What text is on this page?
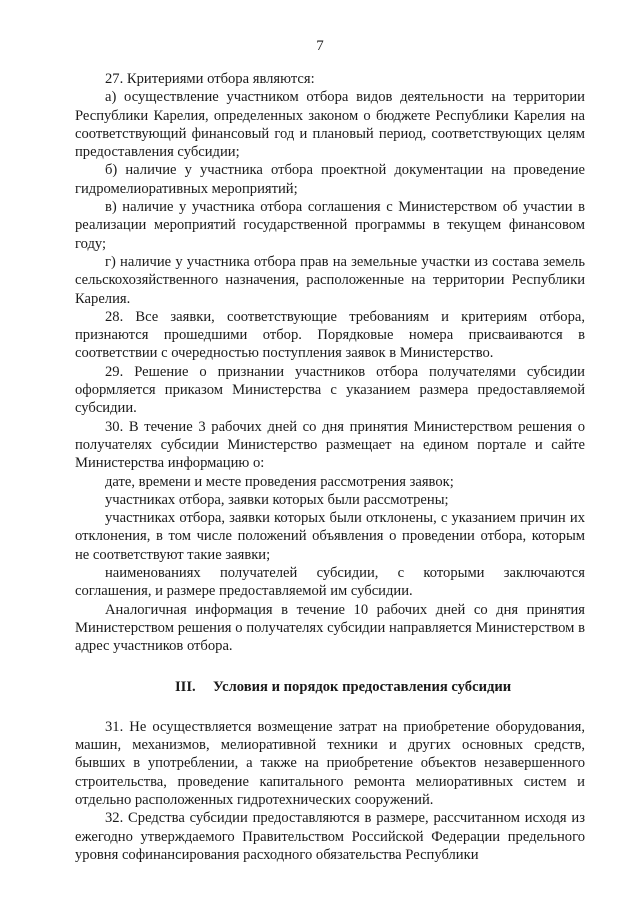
7

27. Критериями отбора являются:

а) осуществление участником отбора видов деятельности на территории Республики Карелия, определенных законом о бюджете Республики Карелия на соответствующий финансовый год и плановый период, соответствующих целям предоставления субсидии;

б) наличие у участника отбора проектной документации на проведение гидромелиоративных мероприятий;

в) наличие у участника отбора соглашения с Министерством об участии в реализации мероприятий государственной программы в текущем финансовом году;

г) наличие у участника отбора прав на земельные участки из состава земель сельскохозяйственного назначения, расположенные на территории Республики Карелия.

28. Все заявки, соответствующие требованиям и критериям отбора, признаются прошедшими отбор. Порядковые номера присваиваются в соответствии с очередностью поступления заявок в Министерство.

29. Решение о признании участников отбора получателями субсидии оформляется приказом Министерства с указанием размера предоставляемой субсидии.

30. В течение 3 рабочих дней со дня принятия Министерством решения о получателях субсидии Министерство размещает на едином портале и сайте Министерства информацию о:

дате, времени и месте проведения рассмотрения заявок;

участниках отбора, заявки которых были рассмотрены;

участниках отбора, заявки которых были отклонены, с указанием причин их отклонения, в том числе положений объявления о проведении отбора, которым не соответствуют такие заявки;

наименованиях получателей субсидии, с которыми заключаются соглашения, и размере предоставляемой им субсидии.

Аналогичная информация в течение 10 рабочих дней со дня принятия Министерством решения о получателях субсидии направляется Министерством в адрес участников отбора.

III. Условия и порядок предоставления субсидии

31. Не осуществляется возмещение затрат на приобретение оборудования, машин, механизмов, мелиоративной техники и других основных средств, бывших в употреблении, а также на приобретение объектов незавершенного строительства, проведение капитального ремонта мелиоративных систем и отдельно расположенных гидротехнических сооружений.

32. Средства субсидии предоставляются в размере, рассчитанном исходя из ежегодно утверждаемого Правительством Российской Федерации предельного уровня софинансирования расходного обязательства Республики
